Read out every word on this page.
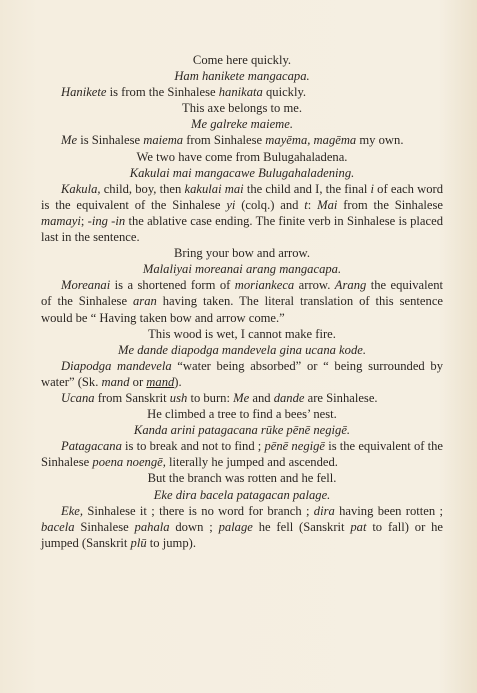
Come here quickly.

Ham hanikete mangacapa.

Hanikete is from the Sinhalese hanikata quickly.

This axe belongs to me.

Me galreke maieme.

Me is Sinhalese maiema from Sinhalese mayēma, magēma my own.

We two have come from Bulugahaladena.

Kakulai mai mangacawe Bulugahaladening.

Kakula, child, boy, then kakulai mai the child and I, the final i of each word is the equivalent of the Sinhalese yi (colq.) and t: Mai from the Sinhalese mamayi; -ing -in the ablative case ending. The finite verb in Sinhalese is placed last in the sentence.

Bring your bow and arrow.

Malaliyai moreanai arang mangacapa.

Moreanai is a shortened form of moriankeca arrow. Arang the equivalent of the Sinhalese aran having taken. The literal translation of this sentence would be “ Having taken bow and arrow come.”

This wood is wet, I cannot make fire.

Me dande diapodga mandevela gina ucana kode.

Diapodga mandevela “water being absorbed” or “ being surrounded by water” (Sk. mand or mand).

Ucana from Sanskrit ush to burn: Me and dande are Sinhalese.

He climbed a tree to find a bees’ nest.

Kanda arini patagacana rūke pēnē negigē.

Patagacana is to break and not to find ; pēnē negigē is the equivalent of the Sinhalese poena noengē, literally he jumped and ascended.

But the branch was rotten and he fell.

Eke dira bacela patagacan palage.

Eke, Sinhalese it ; there is no word for branch ; dira having been rotten ; bacela Sinhalese pahala down ; palage he fell (Sanskrit pat to fall) or he jumped (Sanskrit plū to jump).
